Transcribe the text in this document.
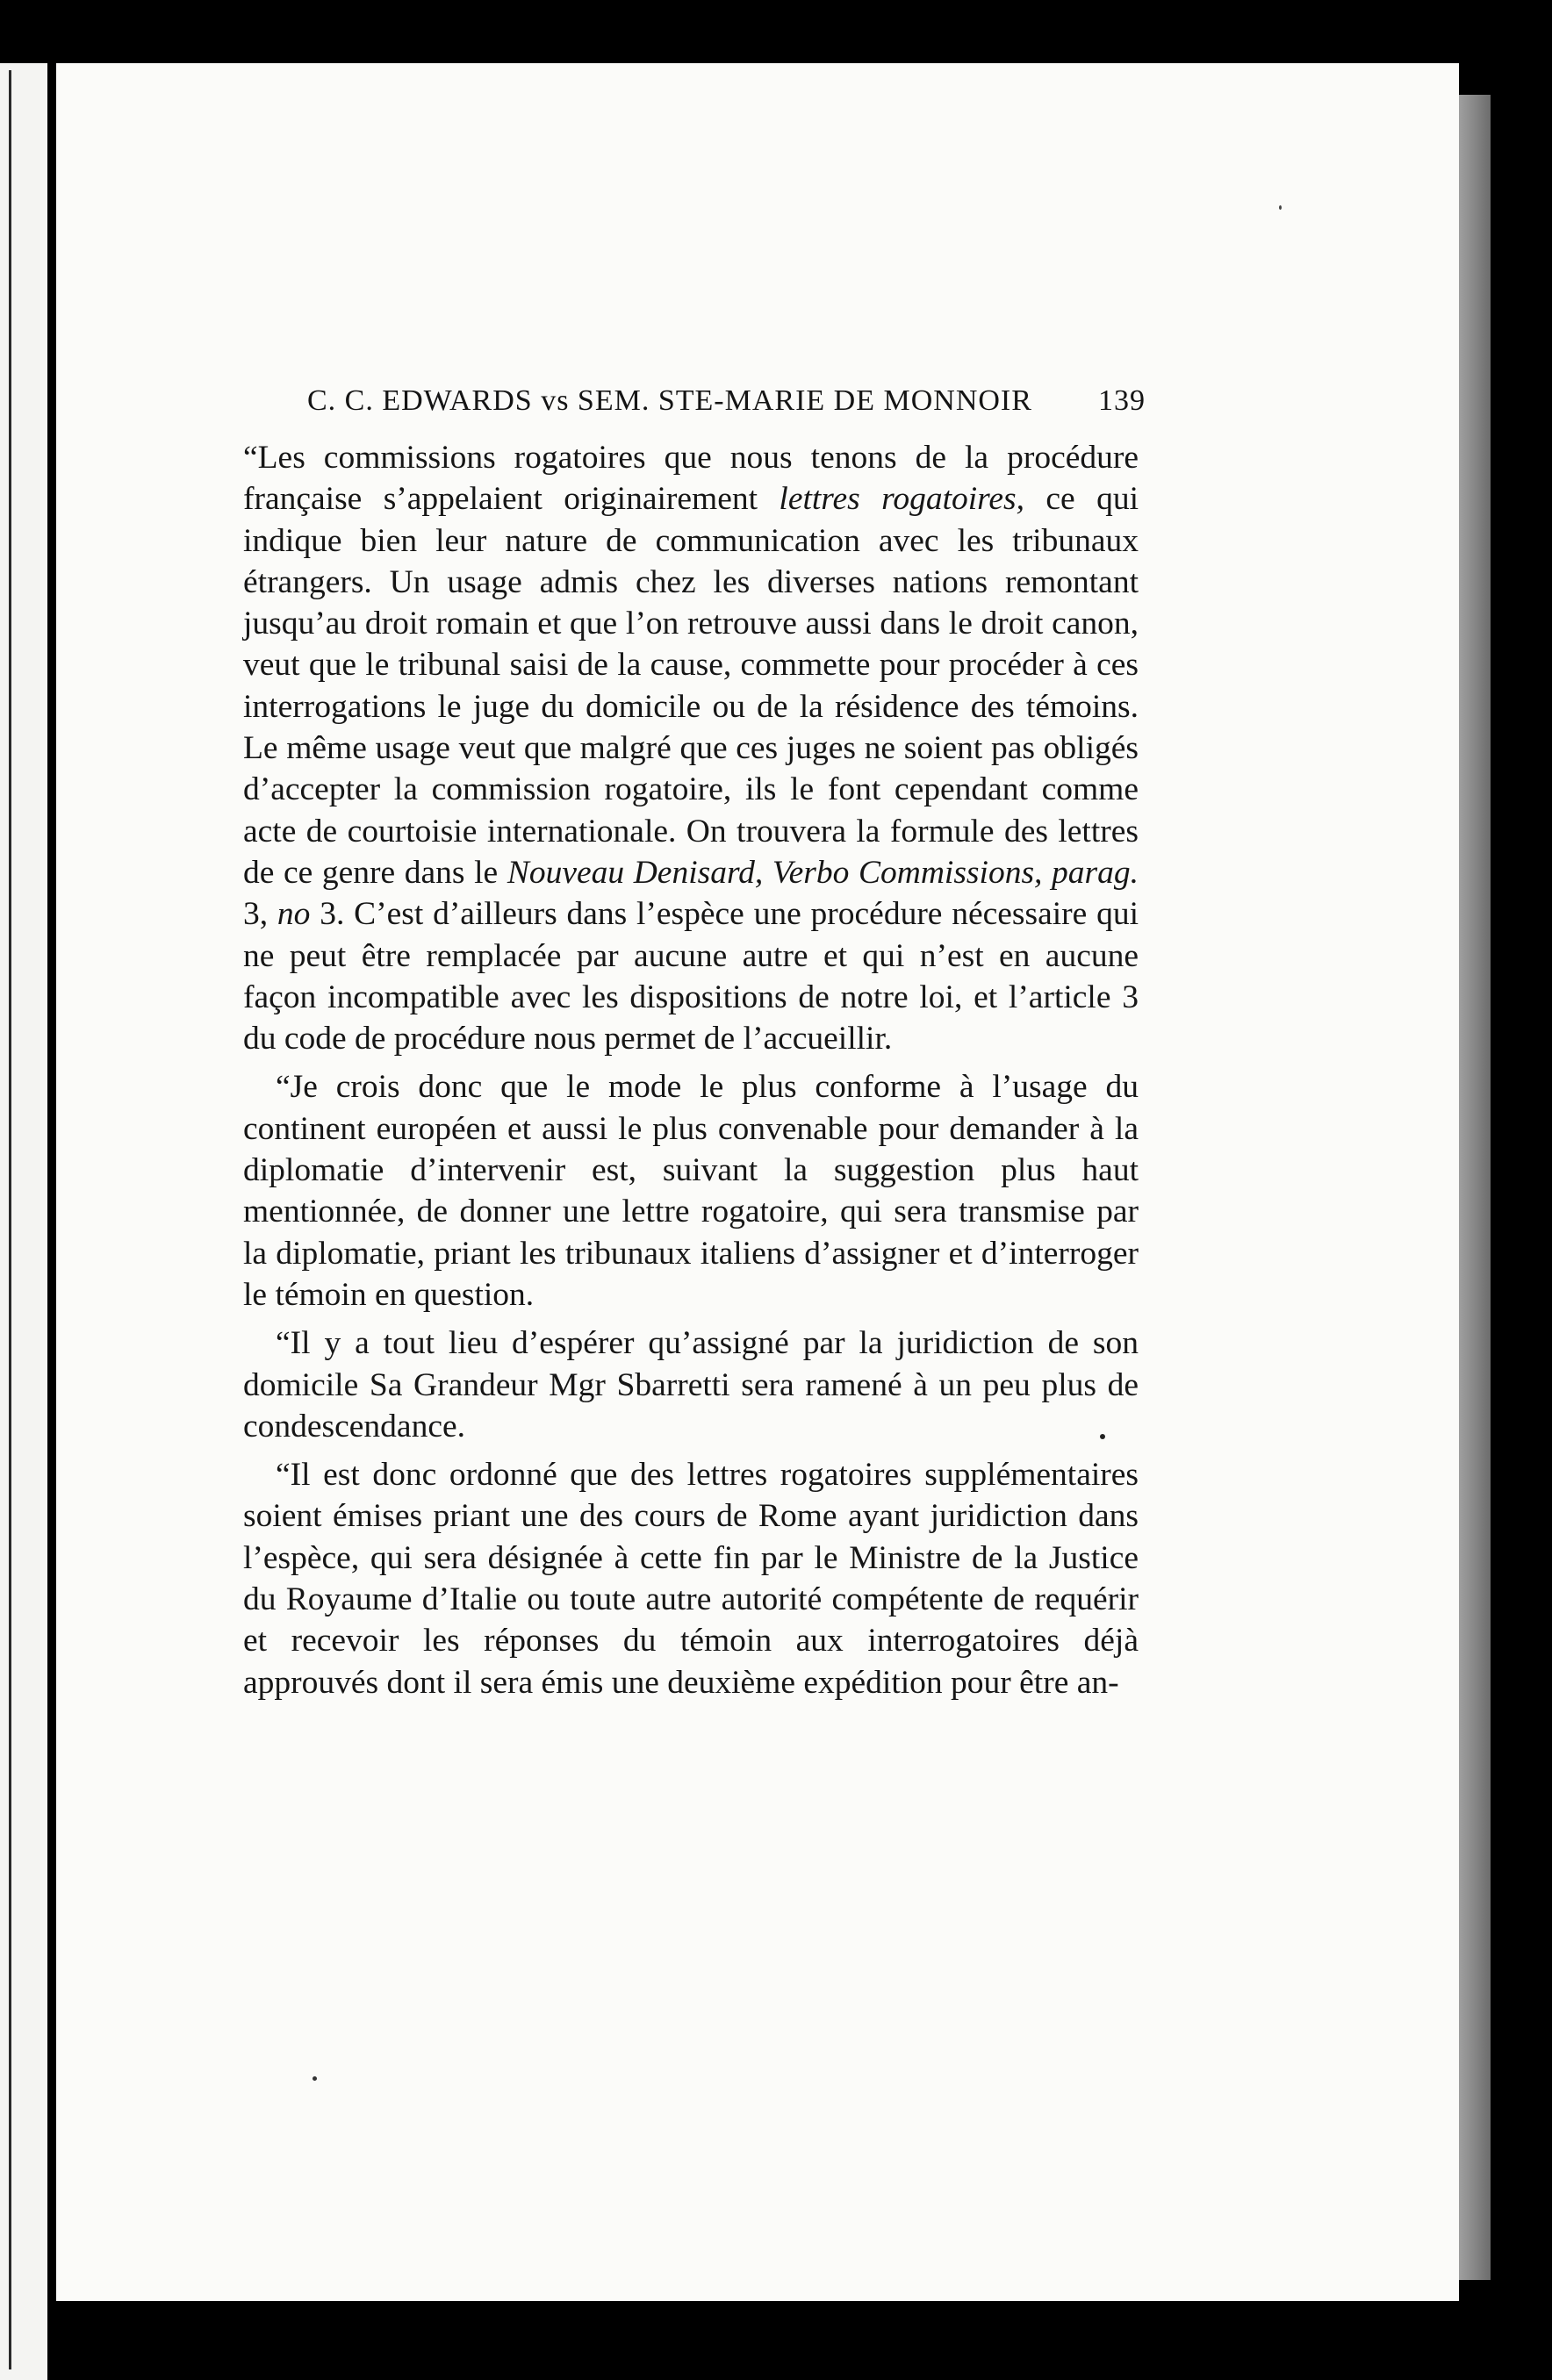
C. C. EDWARDS vs SEM. STE-MARIE DE MONNOIR 139

“Les commissions rogatoires que nous tenons de la procédure française s’appelaient originairement lettres rogatoires, ce qui indique bien leur nature de communication avec les tribunaux étrangers. Un usage admis chez les diverses nations remontant jusqu’au droit romain et que l’on retrouve aussi dans le droit canon, veut que le tribunal saisi de la cause, commette pour procéder à ces interrogations le juge du domicile ou de la résidence des témoins. Le même usage veut que malgré que ces juges ne soient pas obligés d’accepter la commission rogatoire, ils le font cependant comme acte de courtoisie internationale. On trouvera la formule des lettres de ce genre dans le Nouveau Denisard, Verbo Commissions, parag. 3, no 3. C’est d’ailleurs dans l’espèce une procédure nécessaire qui ne peut être remplacée par aucune autre et qui n’est en aucune façon incompatible avec les dispositions de notre loi, et l’article 3 du code de procédure nous permet de l’accueillir.

“Je crois donc que le mode le plus conforme à l’usage du continent européen et aussi le plus convenable pour demander à la diplomatie d’intervenir est, suivant la suggestion plus haut mentionnée, de donner une lettre rogatoire, qui sera transmise par la diplomatie, priant les tribunaux italiens d’assigner et d’interroger le témoin en question.

“Il y a tout lieu d’espérer qu’assigné par la juridiction de son domicile Sa Grandeur Mgr Sbarretti sera ramené à un peu plus de condescendance.

“Il est donc ordonné que des lettres rogatoires supplémentaires soient émises priant une des cours de Rome ayant juridiction dans l’espèce, qui sera désignée à cette fin par le Ministre de la Justice du Royaume d’Italie ou toute autre autorité compétente de requérir et recevoir les réponses du témoin aux interrogatoires déjà approuvés dont il sera émis une deuxième expédition pour être an-
